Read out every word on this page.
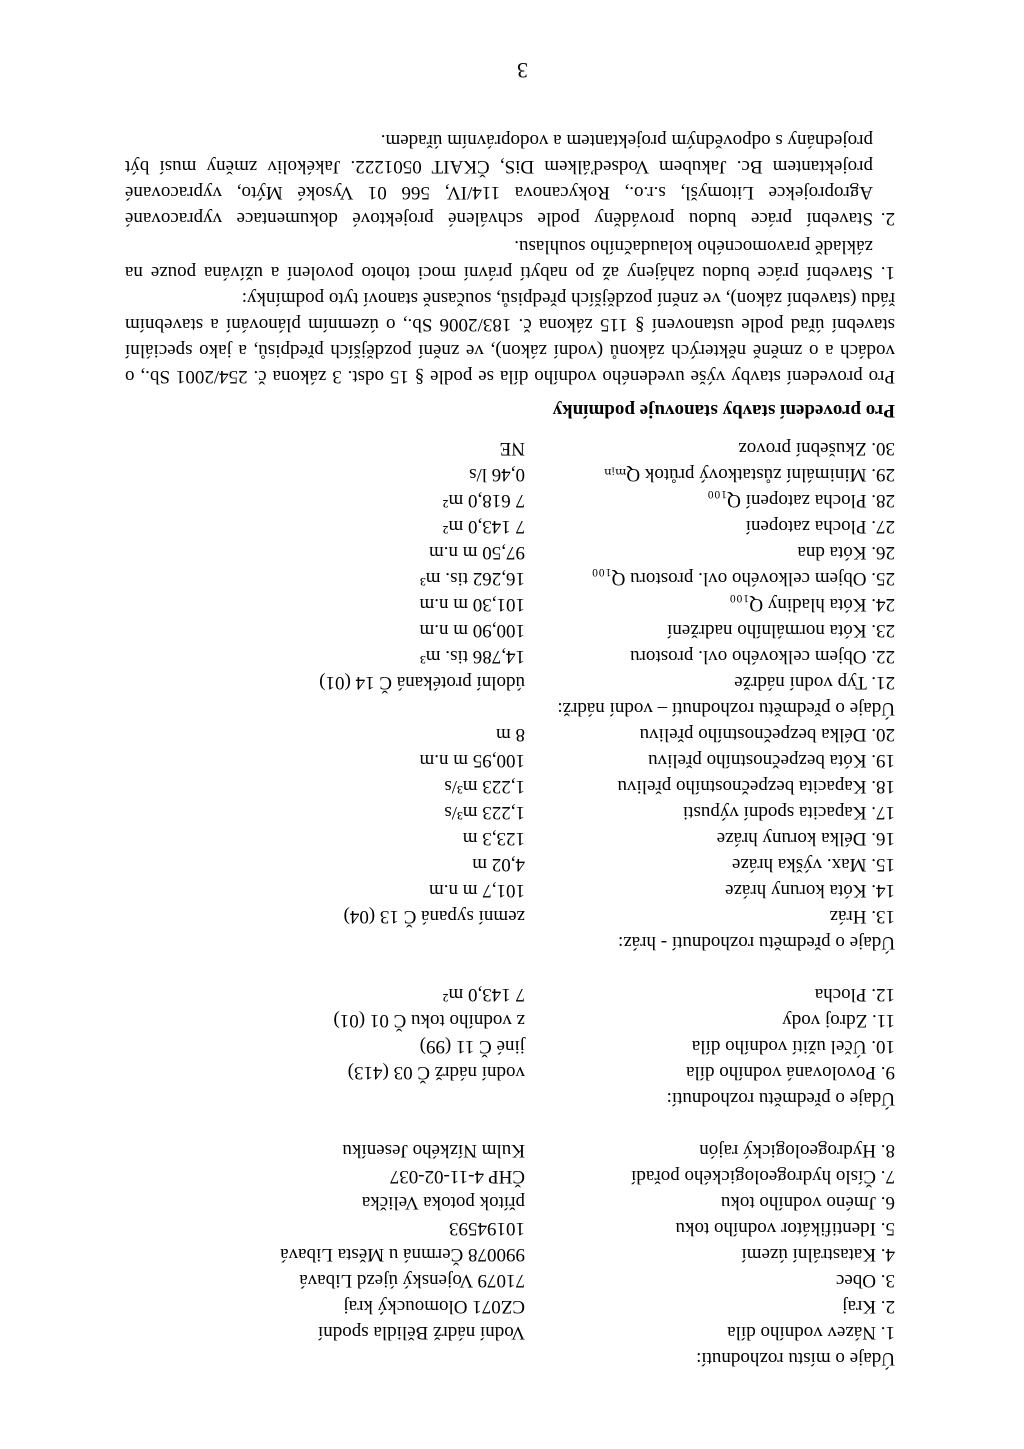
Údaje o místu rozhodnutí:
1. Název vodního díla
Vodní nádrž Bělidla spodní
2. Kraj
CZ071 Olomoucký kraj
3. Obec
71079 Vojenský újezd Libavá
4. Katastrální území
990078 Čermná u Města Libavá
5. Identifikátor vodního toku
10194593
6. Jméno vodního toku
přítok potoka Velička
7. Číslo hydrogeologického pořadí
ČHP 4-11-02-037
8. Hydrogeologický rajón
Kulm Nízkého Jeseníku
Údaje o předmětu rozhodnutí:
9. Povolovaná vodního díla
vodní nádrž Č 03 (413)
10. Účel užití vodního díla
jiné Č 11 (99)
11. Zdroj vody
z vodního toku Č 01 (01)
12. Plocha
7 143,0 m²
Údaje o předmětu rozhodnutí - hráz:
13. Hráz
zemní sypaná Č 13 (04)
14. Kóta koruny hráze
101,7 m n.m
15. Max. výška hráze
4,02 m
16. Délka koruny hráze
123,3 m
17. Kapacita spodní výpusti
1,223 m³/s
18. Kapacita bezpečnostního přelivu
1,223 m³/s
19. Kóta bezpečnostního přelivu
100,95 m n.m
20. Délka bezpečnostního přelivu
8 m
Údaje o předmětu rozhodnutí – vodní nádrž:
21. Typ vodní nádrže
údolní protékaná Č 14 (01)
22. Objem celkového ovl. prostoru
14,786 tis. m³
23. Kóta normálního nadržení
100,90 m n.m
24. Kóta hladiny Q₁₀₀
101,30 m n.m
25. Objem celkového ovl. prostoru Q₁₀₀
16,262 tis. m³
26. Kóta dna
97,50 m n.m
27. Plocha zatopení
7 143,0 m²
28. Plocha zatopení Q₁₀₀
7 618,0 m²
29. Minimální zůstatkový průtok Qₘᵢₙ
0,46 l/s
30. Zkušební provoz
NE
Pro provedení stavby stanovuje podmínky
Pro provedení stavby výše uvedeného vodního díla se podle § 15 odst. 3 zákona č. 254/2001 Sb., o vodách a o změně některých zákonů (vodní zákon), ve znění pozdějších předpisů, a jako speciální stavební úřad podle ustanovení § 115 zákona č. 183/2006 Sb., o územním plánování a stavebním řádu (stavební zákon), ve znění pozdějších předpisů, současně stanoví tyto podmínky:
1.
Stavební práce budou zahájeny až po nabytí právní moci tohoto povolení a užívána pouze na základě pravomocného kolaudačního souhlasu.
2.
Stavební práce budou prováděny podle schválené projektové dokumentace vypracované Agroprojekce Litomyšl, s.r.o., Rokycanova 114/IV, 566 01 Vysoké Mýto, vypracované projektantem Bc. Jakubem Vodseďálkem DiS, ČKAIT 0501222. Jakékoliv změny musí být projednány s odpovědným projektantem a vodoprávním úřadem.
3
